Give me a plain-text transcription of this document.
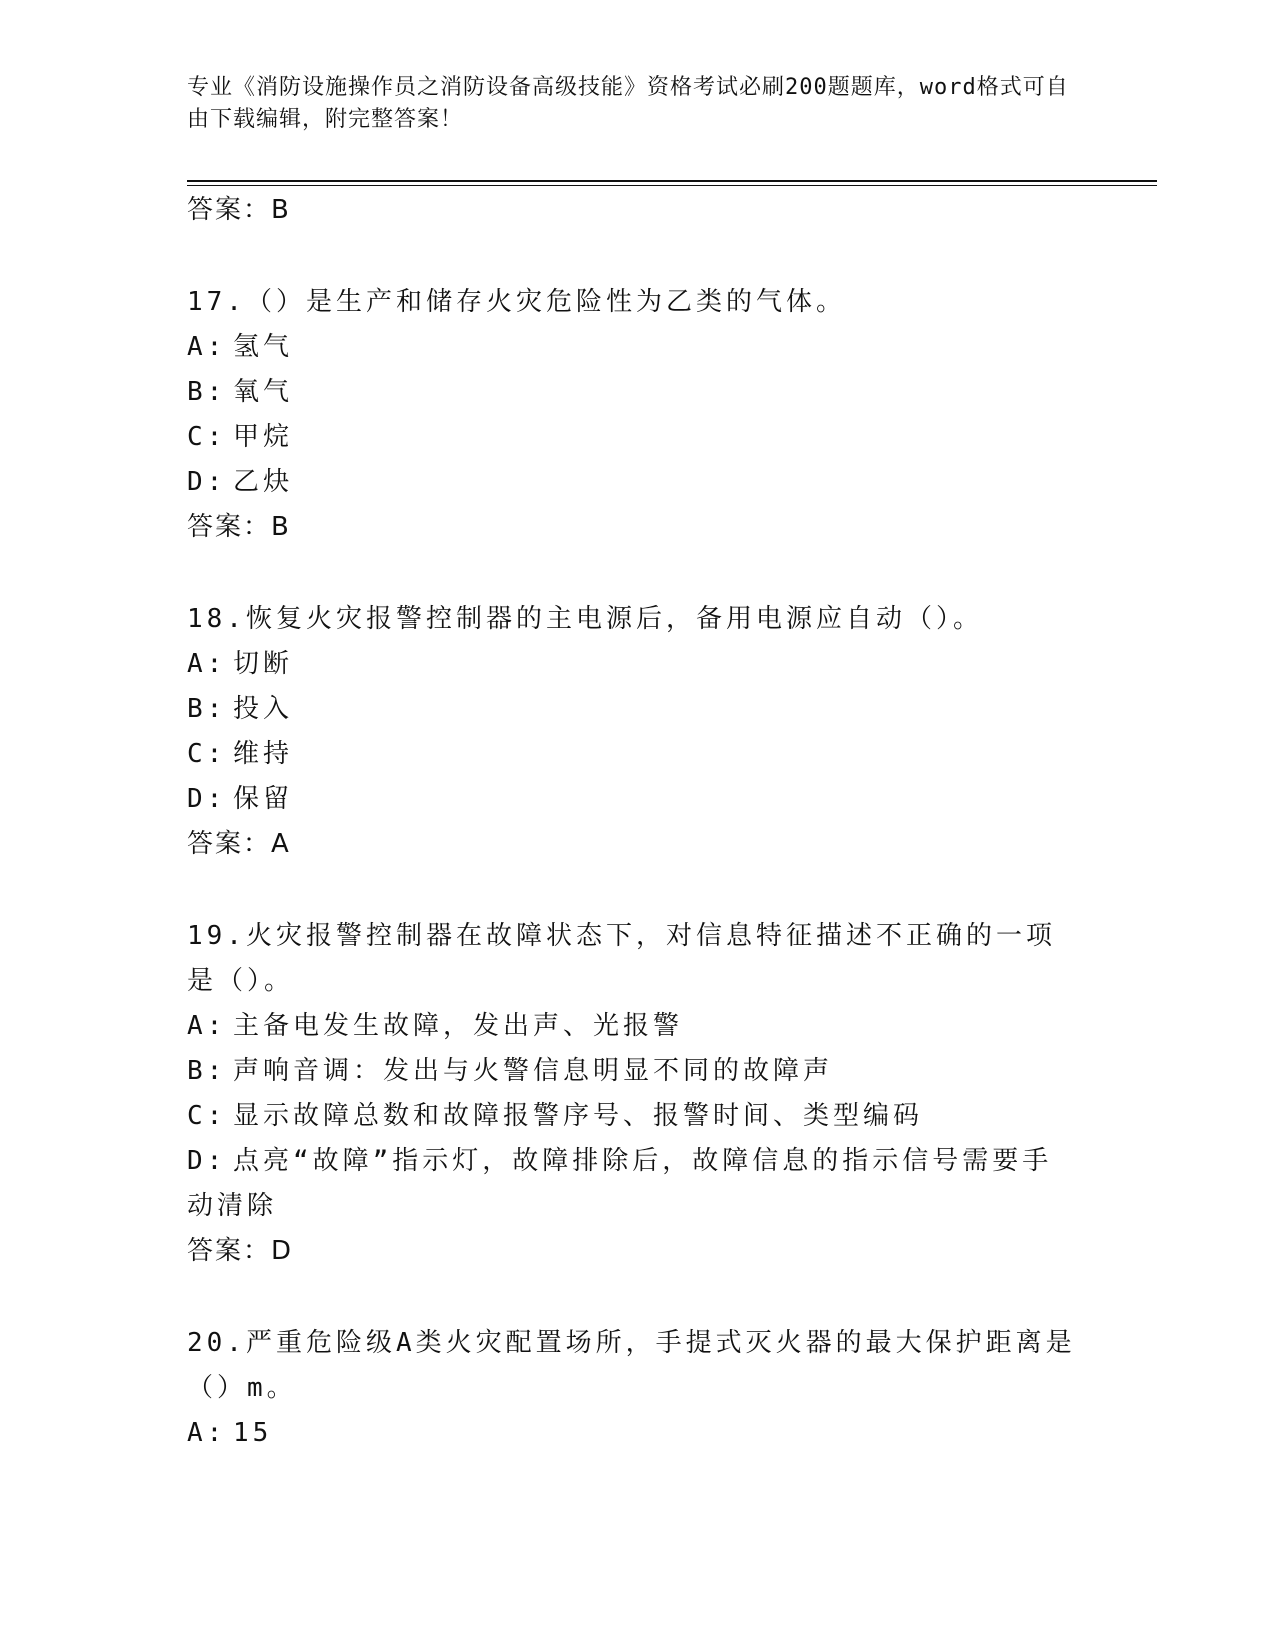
专业《消防设施操作员之消防设备高级技能》资格考试必刷200题题库，word格式可自由下载编辑，附完整答案！
答案：B
17.（）是生产和储存火灾危险性为乙类的气体。
A: 氢气
B: 氧气
C: 甲烷
D: 乙炔
答案：B
18.恢复火灾报警控制器的主电源后，备用电源应自动（）。
A: 切断
B: 投入
C: 维持
D: 保留
答案：A
19.火灾报警控制器在故障状态下，对信息特征描述不正确的一项是（）。
A: 主备电发生故障，发出声、光报警
B: 声响音调：发出与火警信息明显不同的故障声
C: 显示故障总数和故障报警序号、报警时间、类型编码
D: 点亮“故障”指示灯，故障排除后，故障信息的指示信号需要手动清除
答案：D
20.严重危险级A类火灾配置场所，手提式灭火器的最大保护距离是（）m。
A: 15
